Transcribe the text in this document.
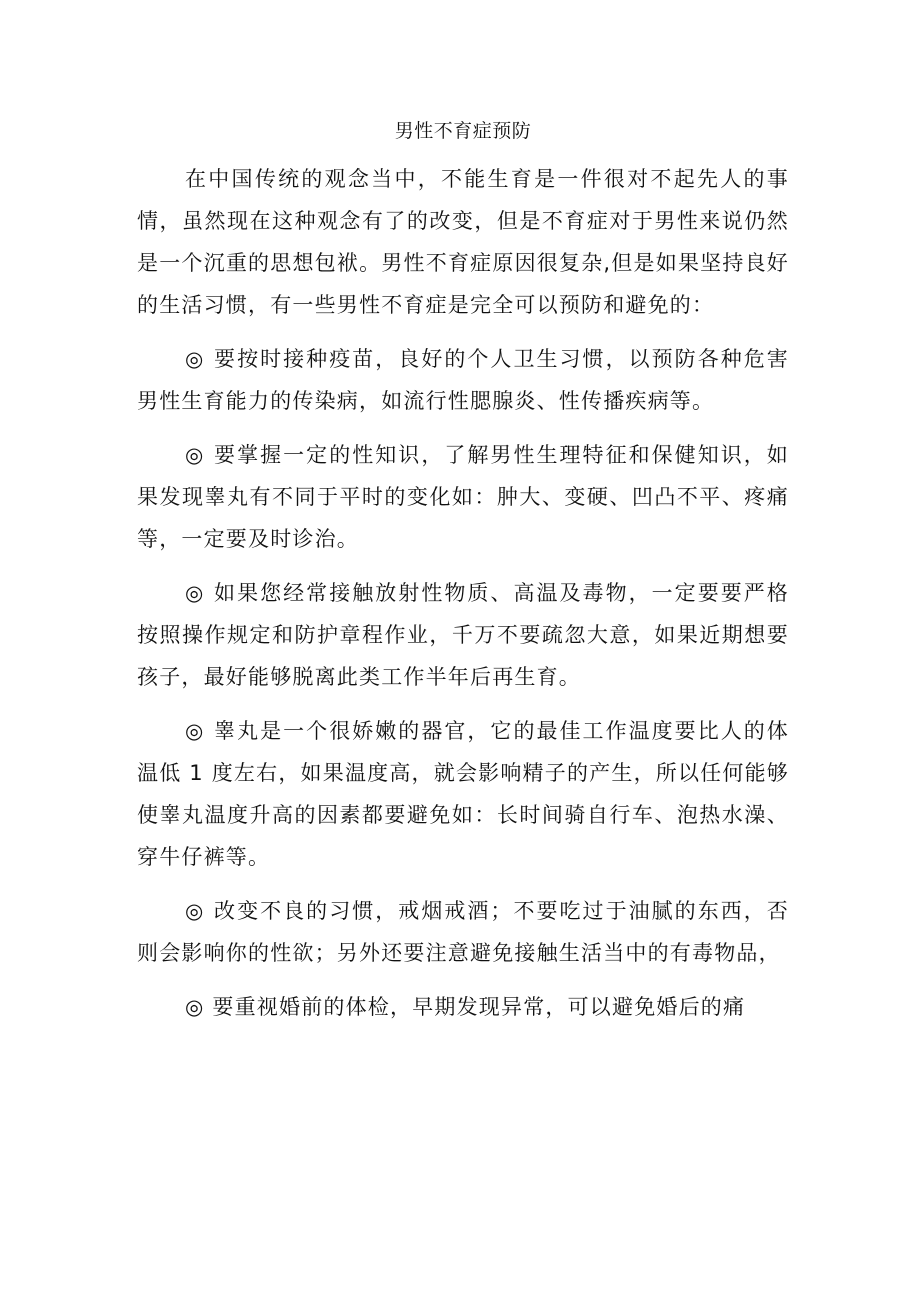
男性不育症预防

在中国传统的观念当中，不能生育是一件很对不起先人的事情，虽然现在这种观念有了的改变，但是不育症对于男性来说仍然是一个沉重的思想包袱。男性不育症原因很复杂,但是如果坚持良好的生活习惯，有一些男性不育症是完全可以预防和避免的：

◎ 要按时接种疫苗，良好的个人卫生习惯，以预防各种危害男性生育能力的传染病，如流行性腮腺炎、性传播疾病等。

◎ 要掌握一定的性知识，了解男性生理特征和保健知识，如果发现睾丸有不同于平时的变化如：肿大、变硬、凹凸不平、疼痛等，一定要及时诊治。

◎ 如果您经常接触放射性物质、高温及毒物，一定要要严格按照操作规定和防护章程作业，千万不要疏忽大意，如果近期想要孩子，最好能够脱离此类工作半年后再生育。

◎ 睾丸是一个很娇嫩的器官，它的最佳工作温度要比人的体温低 1 度左右，如果温度高，就会影响精子的产生，所以任何能够使睾丸温度升高的因素都要避免如：长时间骑自行车、泡热水澡、穿牛仔裤等。

◎ 改变不良的习惯，戒烟戒酒；不要吃过于油腻的东西，否则会影响你的性欲；另外还要注意避免接触生活当中的有毒物品，

◎ 要重视婚前的体检，早期发现异常，可以避免婚后的痛
